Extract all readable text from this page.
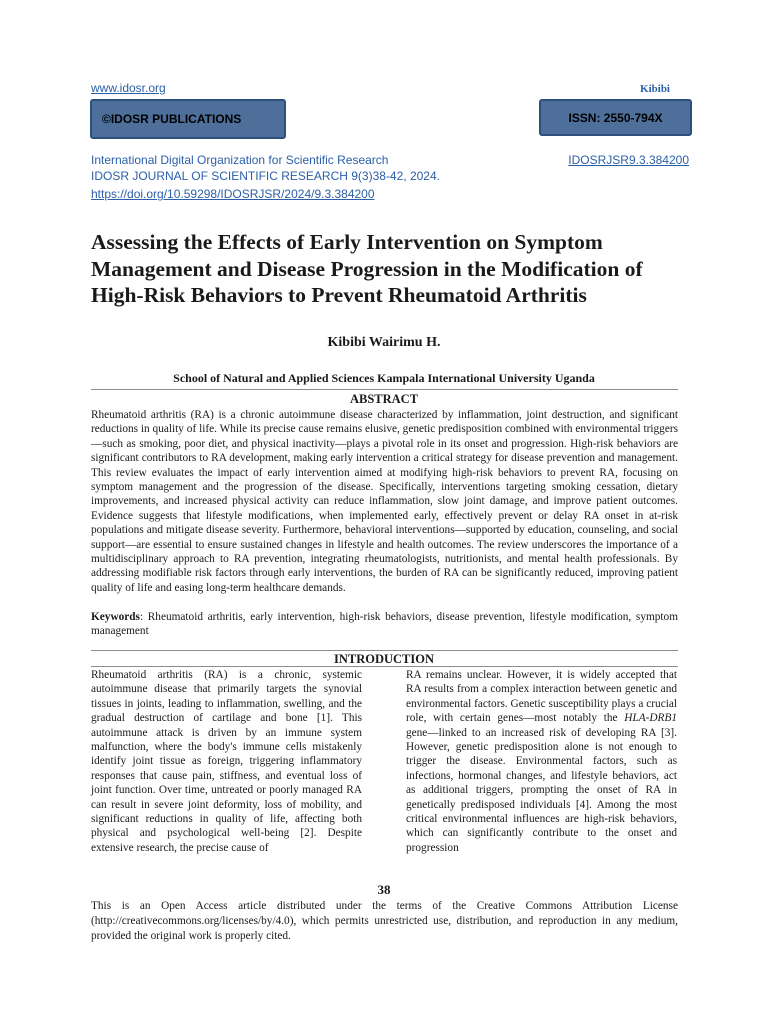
www.idosr.org	Kibibi
©IDOSR PUBLICATIONS	ISSN: 2550-794X
International Digital Organization for Scientific Research
IDOSR JOURNAL OF SCIENTIFIC RESEARCH 9(3)38-42, 2024.
https://doi.org/10.59298/IDOSRJSR/2024/9.3.384200
IDOSRJSR9.3.384200
Assessing the Effects of Early Intervention on Symptom Management and Disease Progression in the Modification of High-Risk Behaviors to Prevent Rheumatoid Arthritis
Kibibi Wairimu H.
School of Natural and Applied Sciences Kampala International University Uganda
ABSTRACT
Rheumatoid arthritis (RA) is a chronic autoimmune disease characterized by inflammation, joint destruction, and significant reductions in quality of life. While its precise cause remains elusive, genetic predisposition combined with environmental triggers—such as smoking, poor diet, and physical inactivity—plays a pivotal role in its onset and progression. High-risk behaviors are significant contributors to RA development, making early intervention a critical strategy for disease prevention and management. This review evaluates the impact of early intervention aimed at modifying high-risk behaviors to prevent RA, focusing on symptom management and the progression of the disease. Specifically, interventions targeting smoking cessation, dietary improvements, and increased physical activity can reduce inflammation, slow joint damage, and improve patient outcomes. Evidence suggests that lifestyle modifications, when implemented early, effectively prevent or delay RA onset in at-risk populations and mitigate disease severity. Furthermore, behavioral interventions—supported by education, counseling, and social support—are essential to ensure sustained changes in lifestyle and health outcomes. The review underscores the importance of a multidisciplinary approach to RA prevention, integrating rheumatologists, nutritionists, and mental health professionals. By addressing modifiable risk factors through early interventions, the burden of RA can be significantly reduced, improving patient quality of life and easing long-term healthcare demands.
Keywords: Rheumatoid arthritis, early intervention, high-risk behaviors, disease prevention, lifestyle modification, symptom management
INTRODUCTION
Rheumatoid arthritis (RA) is a chronic, systemic autoimmune disease that primarily targets the synovial tissues in joints, leading to inflammation, swelling, and the gradual destruction of cartilage and bone [1]. This autoimmune attack is driven by an immune system malfunction, where the body's immune cells mistakenly identify joint tissue as foreign, triggering inflammatory responses that cause pain, stiffness, and eventual loss of joint function. Over time, untreated or poorly managed RA can result in severe joint deformity, loss of mobility, and significant reductions in quality of life, affecting both physical and psychological well-being [2]. Despite extensive research, the precise cause of
RA remains unclear. However, it is widely accepted that RA results from a complex interaction between genetic and environmental factors. Genetic susceptibility plays a crucial role, with certain genes—most notably the HLA-DRB1 gene—linked to an increased risk of developing RA [3]. However, genetic predisposition alone is not enough to trigger the disease. Environmental factors, such as infections, hormonal changes, and lifestyle behaviors, act as additional triggers, prompting the onset of RA in genetically predisposed individuals [4]. Among the most critical environmental influences are high-risk behaviors, which can significantly contribute to the onset and progression
38
This is an Open Access article distributed under the terms of the Creative Commons Attribution License (http://creativecommons.org/licenses/by/4.0), which permits unrestricted use, distribution, and reproduction in any medium, provided the original work is properly cited.
